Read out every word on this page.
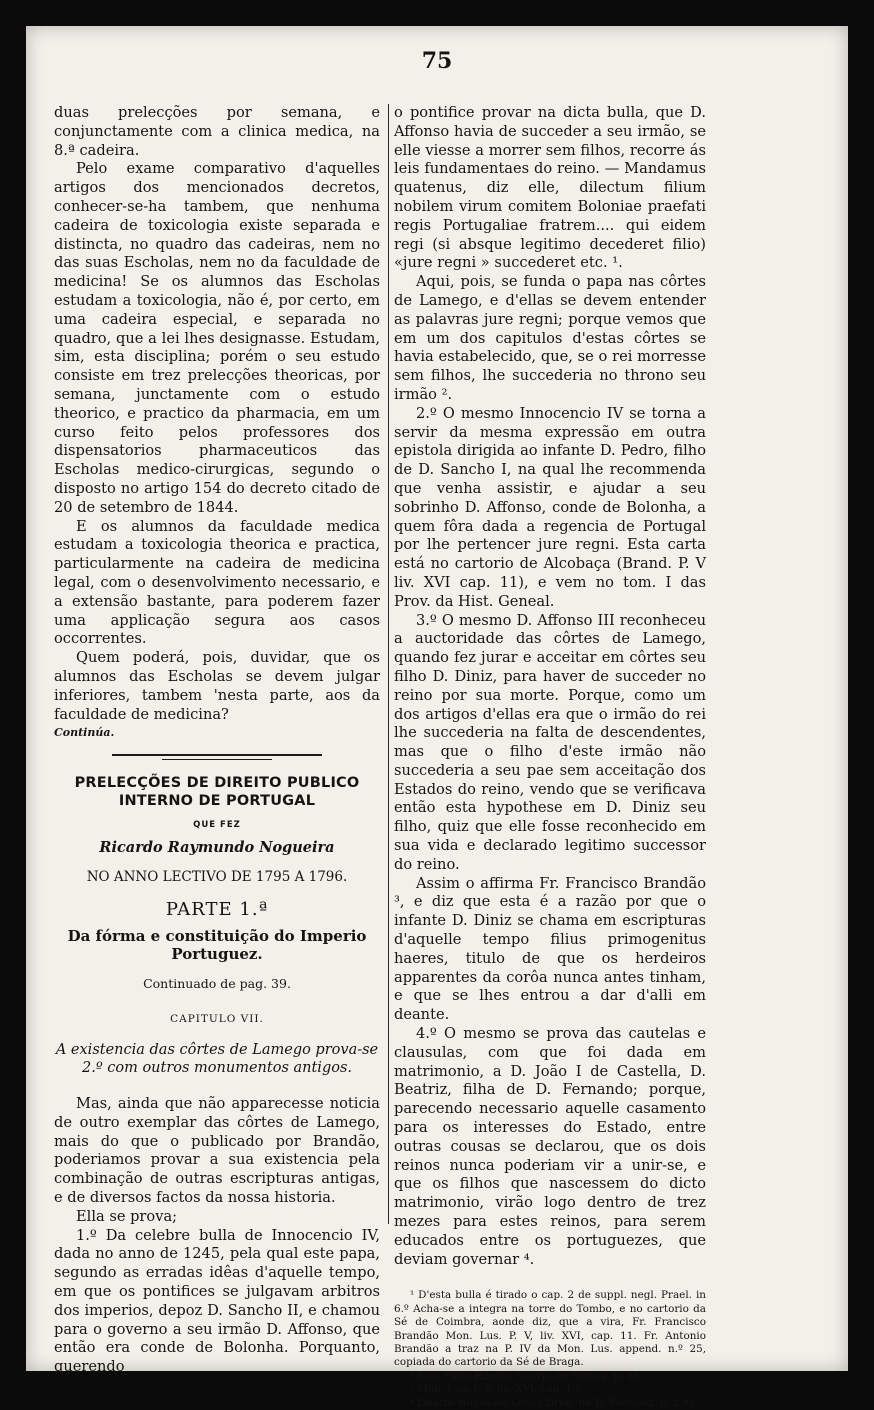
75

duas prelecções por semana, e conjunctamente com a clinica medica, na 8.ª cadeira.

Pelo exame comparativo d'aquelles artigos dos mencionados decretos, conhecer-se-ha tambem, que nenhuma cadeira de toxicologia existe separada e distincta, no quadro das cadeiras, nem no das suas Escholas, nem no da faculdade de medicina! Se os alumnos das Escholas estudam a toxicologia, não é, por certo, em uma cadeira especial, e separada no quadro, que a lei lhes designasse. Estudam, sim, esta disciplina; porém o seu estudo consiste em trez prelecções theoricas, por semana, junctamente com o estudo theorico, e practico da pharmacia, em um curso feito pelos professores dos dispensatorios pharmaceuticos das Escholas medico-cirurgicas, segundo o disposto no artigo 154 do decreto citado de 20 de setembro de 1844.

E os alumnos da faculdade medica estudam a toxicologia theorica e practica, particularmente na cadeira de medicina legal, com o desenvolvimento necessario, e a extensão bastante, para poderem fazer uma applicação segura aos casos occorrentes.

Quem poderá, pois, duvidar, que os alumnos das Escholas se devem julgar inferiores, tambem 'nesta parte, aos da faculdade de medicina?

Continúa.

PRELECÇÕES DE DIREITO PUBLICO INTERNO DE PORTUGAL

QUE FEZ

Ricardo Raymundo Nogueira

NO ANNO LECTIVO DE 1795 A 1796.

PARTE 1.ª

Da fórma e constituição do Imperio Portuguez.

Continuado de pag. 39.

CAPITULO VII.

A existencia das côrtes de Lamego prova-se 2.º com outros monumentos antigos.

Mas, ainda que não apparecesse noticia de outro exemplar das côrtes de Lamego, mais do que o publicado por Brandão, poderiamos provar a sua existencia pela combinação de outras escripturas antigas, e de diversos factos da nossa historia.

Ella se prova;

1.º Da celebre bulla de Innocencio IV, dada no anno de 1245, pela qual este papa, segundo as erradas idêas d'aquelle tempo, em que os pontifices se julgavam arbitros dos imperios, depoz D. Sancho II, e chamou para o governo a seu irmão D. Affonso, que então era conde de Bolonha. Porquanto, querendo

o pontifice provar na dicta bulla, que D. Affonso havia de succeder a seu irmão, se elle viesse a morrer sem filhos, recorre ás leis fundamentaes do reino. — Mandamus quatenus, diz elle, dilectum filium nobilem virum comitem Boloniae praefati regis Portugaliae fratrem.... qui eidem regi (si absque legitimo decederet filio) «jure regni » succederet etc. ¹.

Aqui, pois, se funda o papa nas côrtes de Lamego, e d'ellas se devem entender as palavras jure regni; porque vemos que em um dos capitulos d'estas côrtes se havia estabelecido, que, se o rei morresse sem filhos, lhe succederia no throno seu irmão ².

2.º O mesmo Innocencio IV se torna a servir da mesma expressão em outra epistola dirigida ao infante D. Pedro, filho de D. Sancho I, na qual lhe recommenda que venha assistir, e ajudar a seu sobrinho D. Affonso, conde de Bolonha, a quem fôra dada a regencia de Portugal por lhe pertencer jure regni. Esta carta está no cartorio de Alcobaça (Brand. P. V liv. XVI cap. 11), e vem no tom. I das Prov. da Hist. Geneal.

3.º O mesmo D. Affonso III reconheceu a auctoridade das côrtes de Lamego, quando fez jurar e acceitar em côrtes seu filho D. Diniz, para haver de succeder no reino por sua morte. Porque, como um dos artigos d'ellas era que o irmão do rei lhe succederia na falta de descendentes, mas que o filho d'este irmão não succederia a seu pae sem acceitação dos Estados do reino, vendo que se verificava então esta hypothese em D. Diniz seu filho, quiz que elle fosse reconhecido em sua vida e declarado legitimo successor do reino.

Assim o affirma Fr. Francisco Brandão ³, e diz que esta é a razão por que o infante D. Diniz se chama em escripturas d'aquelle tempo filius primogenitus haeres, titulo de que os herdeiros apparentes da corôa nunca antes tinham, e que se lhes entrou a dar d'alli em deante.

4.º O mesmo se prova das cautelas e clausulas, com que foi dada em matrimonio, a D. João I de Castella, D. Beatriz, filha de D. Fernando; porque, parecendo necessario aquelle casamento para os interesses do Estado, entre outras cousas se declarou, que os dois reinos nunca poderiam vir a unir-se, e que os filhos que nascessem do dicto matrimonio, virão logo dentro de trez mezes para estes reinos, para serem educados entre os portuguezes, que deviam governar ⁴.

¹ D'esta bulla é tirado o cap. 2 de suppl. negl. Prael. in 6.º Acha-se a integra na torre do Tombo, e no cartorio da Sé de Coimbra, aonde diz, que a vira, Fr. Francisco Brandão Mon. Lus. P. V, liv. XVI, cap. 11. Fr. Antonio Brandão a traz na P. IV da Mon. Lus. append. n.º 25, copiada do cartorio da Sé de Braga.

² João Pinto Ribeiro Usurp. de Portug. p. 35.

³ Mon. Lus. P. V, liv. XVI, cap. 10.

⁴ Duarte Nunes de Leão Chron. de D. Fernand. p. 230.
